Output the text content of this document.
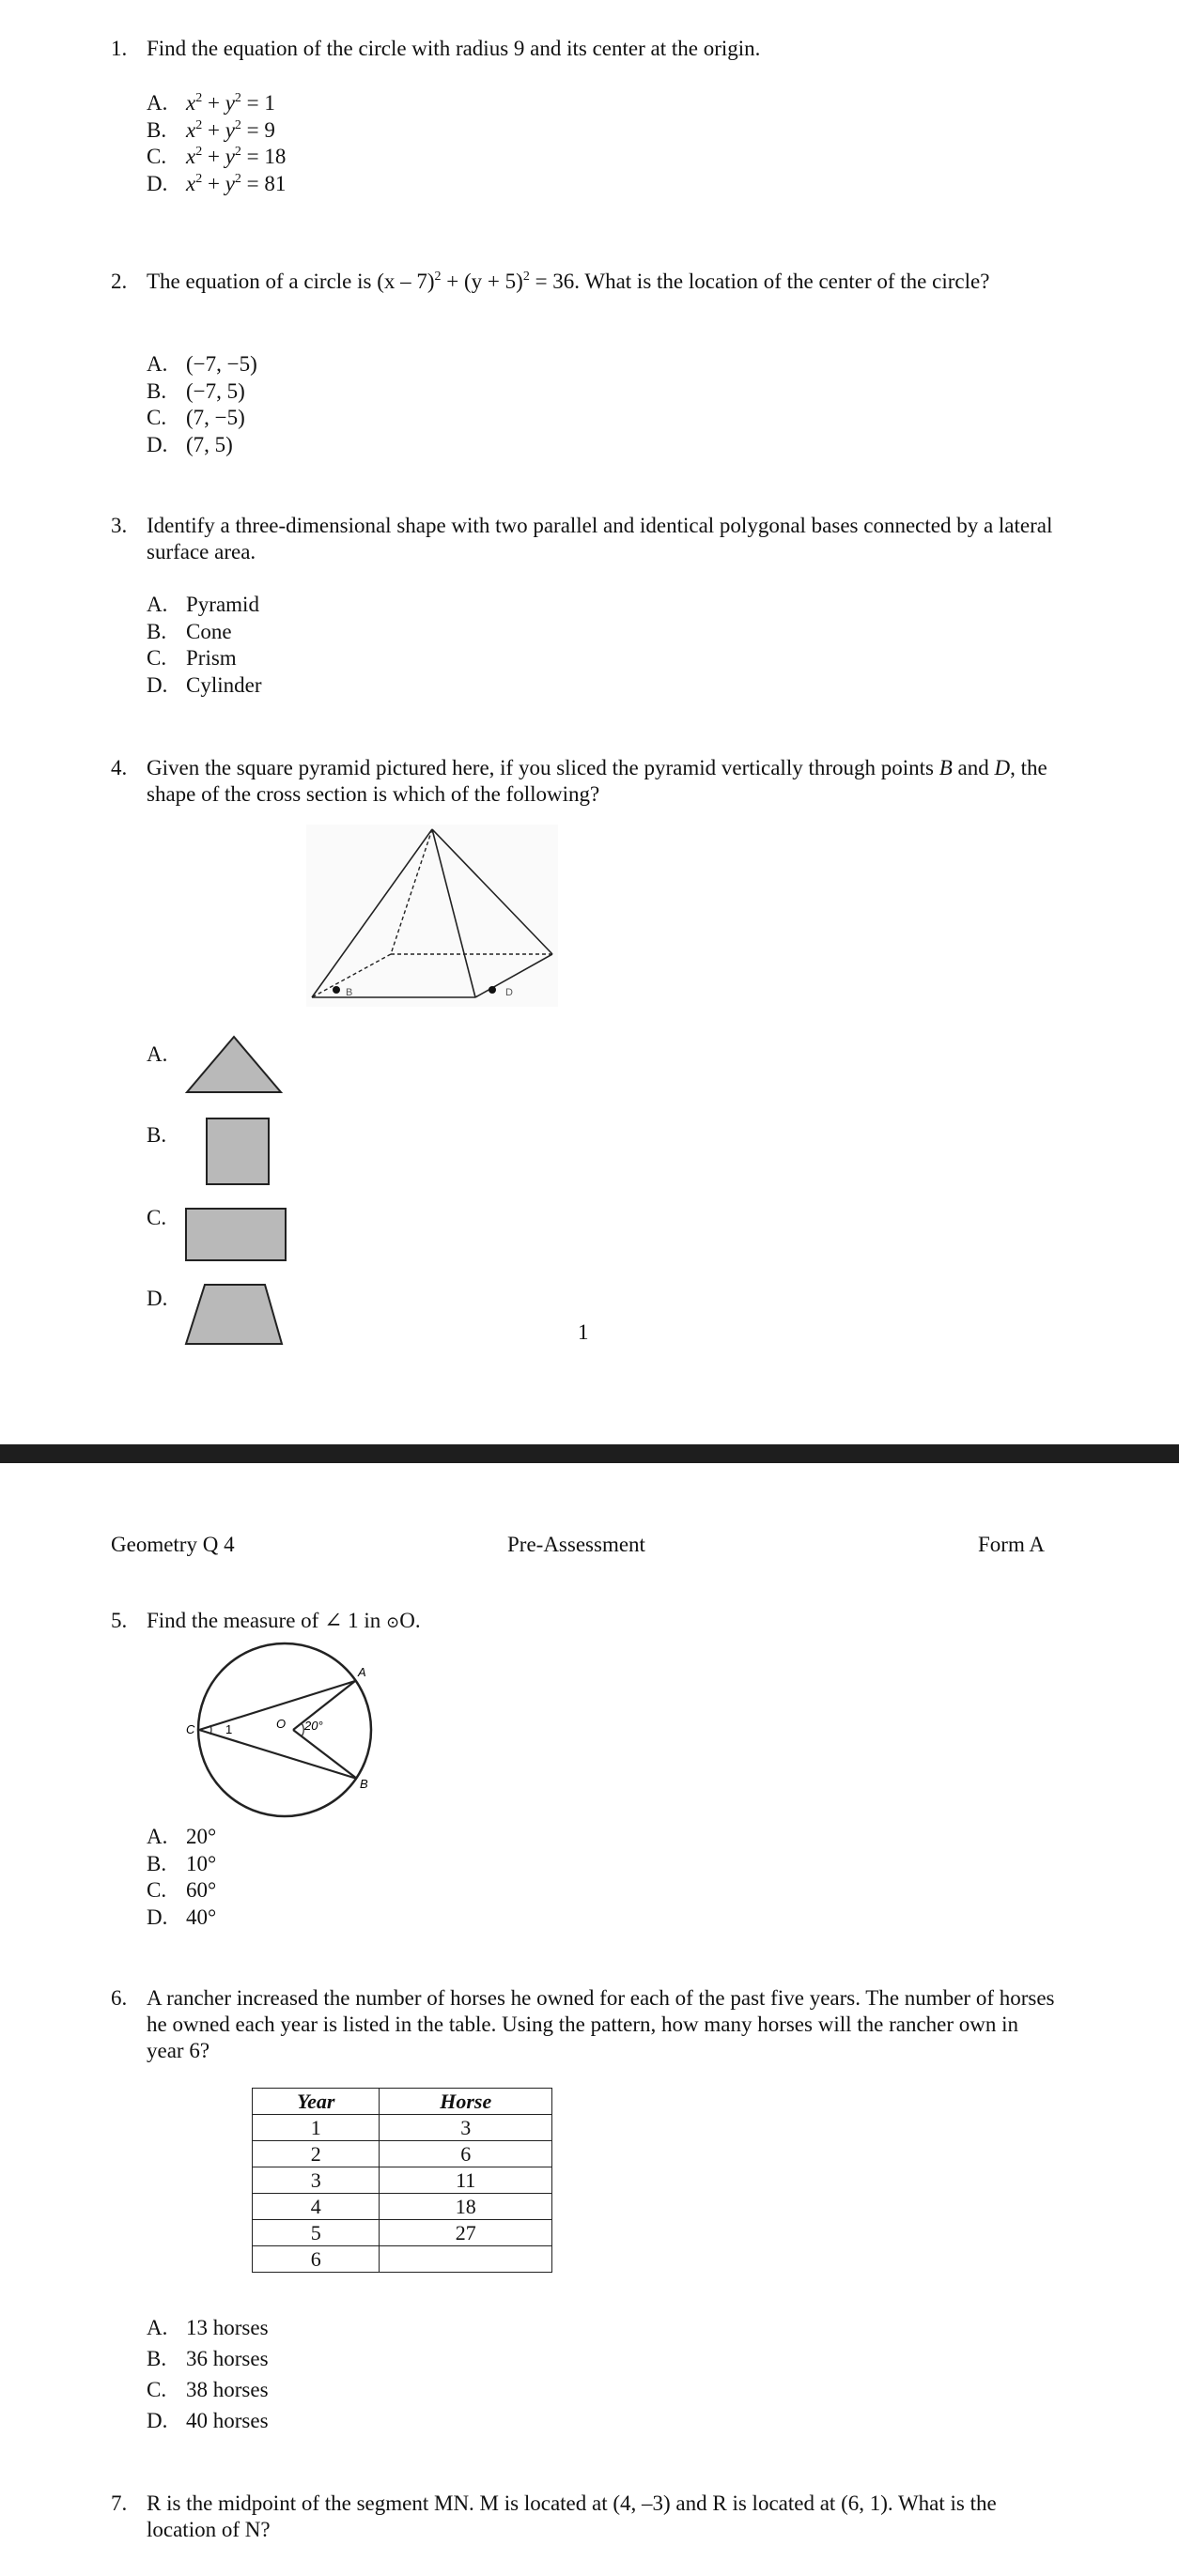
1. Find the equation of the circle with radius 9 and its center at the origin.
A. $x^2 + y^2 = 1$
B. $x^2 + y^2 = 9$
C. $x^2 + y^2 = 18$
D. $x^2 + y^2 = 81$
2. The equation of a circle is $(x - 7)^2 + (y + 5)^2 = 36$. What is the location of the center of the circle?
A. (−7, −5)
B. (−7, 5)
C. (7, −5)
D. (7, 5)
3. Identify a three-dimensional shape with two parallel and identical polygonal bases connected by a lateral surface area.
A. Pyramid
B. Cone
C. Prism
D. Cylinder
4. Given the square pyramid pictured here, if you sliced the pyramid vertically through points B and D, the shape of the cross section is which of the following?
B	D
A.
B.
C.
D.
1
Geometry Q 4	Pre-Assessment	Form A
5. Find the measure of ∠ 1 in ⊙O.
A
B
C	O
1	20°
A. 20°
B. 10°
C. 60°
D. 40°
6. A rancher increased the number of horses he owned for each of the past five years. The number of horses he owned each year is listed in the table. Using the pattern, how many horses will the rancher own in year 6?
Year	Horse
1	3
2	6
3	11
4	18
5	27
6	
A. 13 horses
B. 36 horses
C. 38 horses
D. 40 horses
7. R is the midpoint of the segment MN. M is located at (4, –3) and R is located at (6, 1). What is the location of N?
